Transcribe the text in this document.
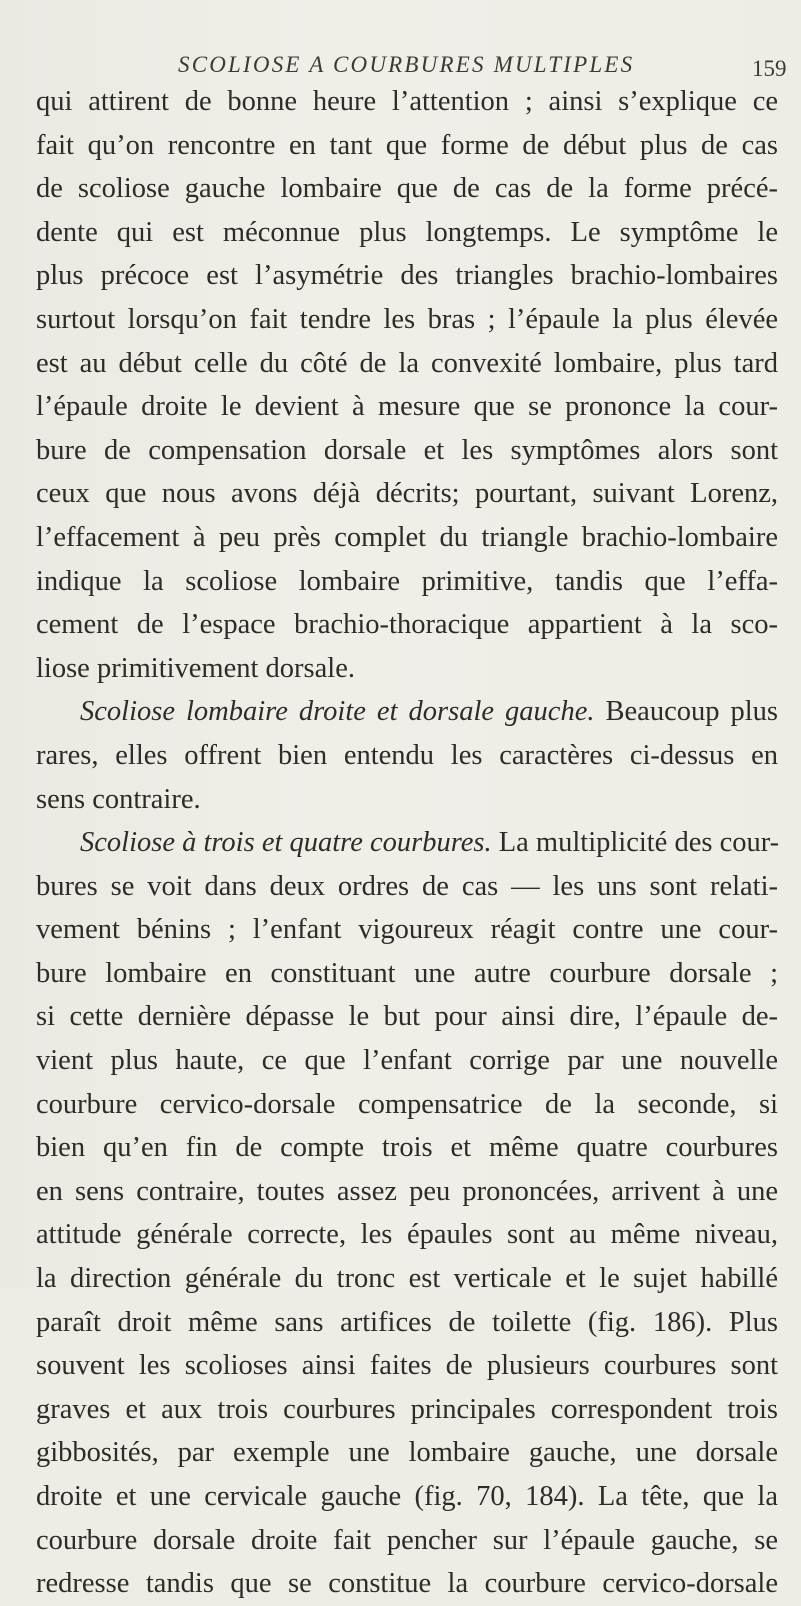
SCOLIOSE A COURBURES MULTIPLES	159
qui attirent de bonne heure l’attention ; ainsi s’explique ce
fait qu’on rencontre en tant que forme de début plus de cas
de scoliose gauche lombaire que de cas de la forme précé-
dente qui est méconnue plus longtemps. Le symptôme le
plus précoce est l’asymétrie des triangles brachio-lombaires
surtout lorsqu’on fait tendre les bras ; l’épaule la plus élevée
est au début celle du côté de la convexité lombaire, plus tard
l’épaule droite le devient à mesure que se prononce la cour-
bure de compensation dorsale et les symptômes alors sont
ceux que nous avons déjà décrits; pourtant, suivant Lorenz,
l’effacement à peu près complet du triangle brachio-lombaire
indique la scoliose lombaire primitive, tandis que l’effa-
cement de l’espace brachio-thoracique appartient à la sco-
liose primitivement dorsale.
Scoliose lombaire droite et dorsale gauche. Beaucoup plus
rares, elles offrent bien entendu les caractères ci-dessus en
sens contraire.
Scoliose à trois et quatre courbures. La multiplicité des cour-
bures se voit dans deux ordres de cas — les uns sont relati-
vement bénins ; l’enfant vigoureux réagit contre une cour-
bure lombaire en constituant une autre courbure dorsale ;
si cette dernière dépasse le but pour ainsi dire, l’épaule de-
vient plus haute, ce que l’enfant corrige par une nouvelle
courbure cervico-dorsale compensatrice de la seconde, si
bien qu’en fin de compte trois et même quatre courbures
en sens contraire, toutes assez peu prononcées, arrivent à une
attitude générale correcte, les épaules sont au même niveau,
la direction générale du tronc est verticale et le sujet habillé
paraît droit même sans artifices de toilette (fig. 186). Plus
souvent les scolioses ainsi faites de plusieurs courbures sont
graves et aux trois courbures principales correspondent trois
gibbosités, par exemple une lombaire gauche, une dorsale
droite et une cervicale gauche (fig. 70, 184). La tête, que la
courbure dorsale droite fait pencher sur l’épaule gauche, se
redresse tandis que se constitue la courbure cervico-dorsale
